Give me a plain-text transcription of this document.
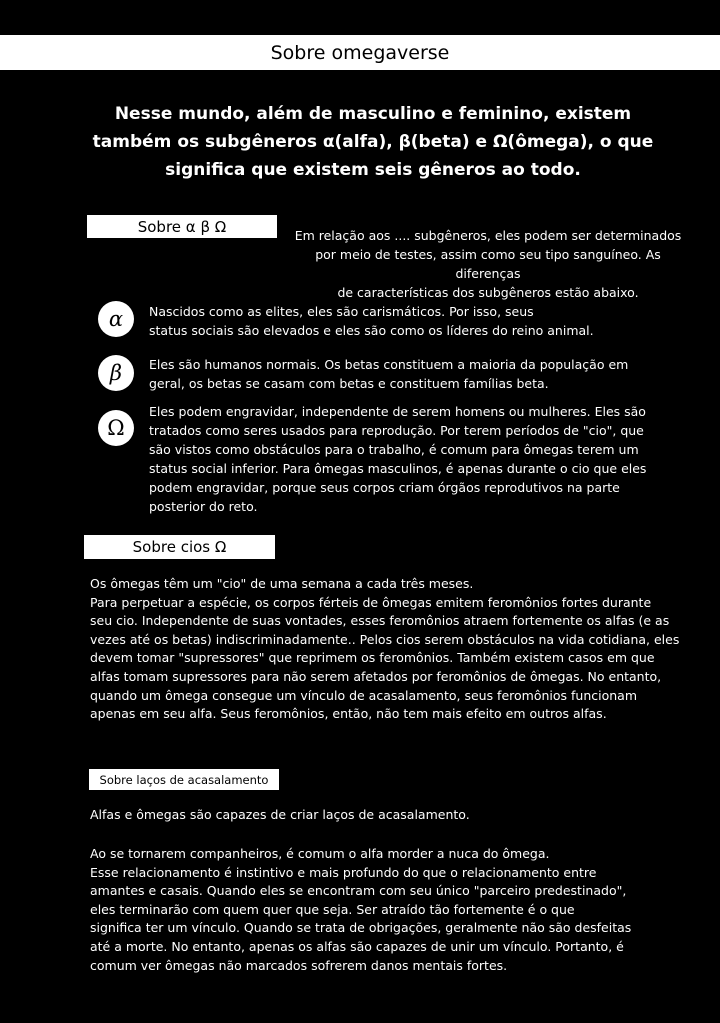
Sobre omegaverse
Nesse mundo, além de masculino e feminino, existem
também os subgêneros α(alfa), β(beta) e Ω(ômega), o que
significa que existem seis gêneros ao todo.
Sobre α β Ω	Em relação aos .... subgêneros, eles podem ser determinados
por meio de testes, assim como seu tipo sanguíneo. As diferenças
de características dos subgêneros estão abaixo.
α Nascidos como as elites, eles são carismáticos. Por isso, seus
status sociais são elevados e eles são como os líderes do reino animal.
β Eles são humanos normais. Os betas constituem a maioria da população em
geral, os betas se casam com betas e constituem famílias beta.
Ω
Eles podem engravidar, independente de serem homens ou mulheres. Eles são
tratados como seres usados para reprodução. Por terem períodos de "cio", que
são vistos como obstáculos para o trabalho, é comum para ômegas terem um
status social inferior. Para ômegas masculinos, é apenas durante o cio que eles
podem engravidar, porque seus corpos criam órgãos reprodutivos na parte
posterior do reto.
Sobre cios Ω
Os ômegas têm um "cio" de uma semana a cada três meses.
Para perpetuar a espécie, os corpos férteis de ômegas emitem feromônios fortes durante
seu cio. Independente de suas vontades, esses feromônios atraem fortemente os alfas (e as
vezes até os betas) indiscriminadamente.. Pelos cios serem obstáculos na vida cotidiana, eles
devem tomar "supressores" que reprimem os feromônios. Também existem casos em que
alfas tomam supressores para não serem afetados por feromônios de ômegas. No entanto,
quando um ômega consegue um vínculo de acasalamento, seus feromônios funcionam
apenas em seu alfa. Seus feromônios, então, não tem mais efeito em outros alfas.
Sobre laços de acasalamento
Alfas e ômegas são capazes de criar laços de acasalamento.
Ao se tornarem companheiros, é comum o alfa morder a nuca do ômega.
Esse relacionamento é instintivo e mais profundo do que o relacionamento entre
amantes e casais. Quando eles se encontram com seu único "parceiro predestinado",
eles terminarão com quem quer que seja. Ser atraído tão fortemente é o que
significa ter um vínculo. Quando se trata de obrigações, geralmente não são desfeitas
até a morte. No entanto, apenas os alfas são capazes de unir um vínculo. Portanto, é
comum ver ômegas não marcados sofrerem danos mentais fortes.
